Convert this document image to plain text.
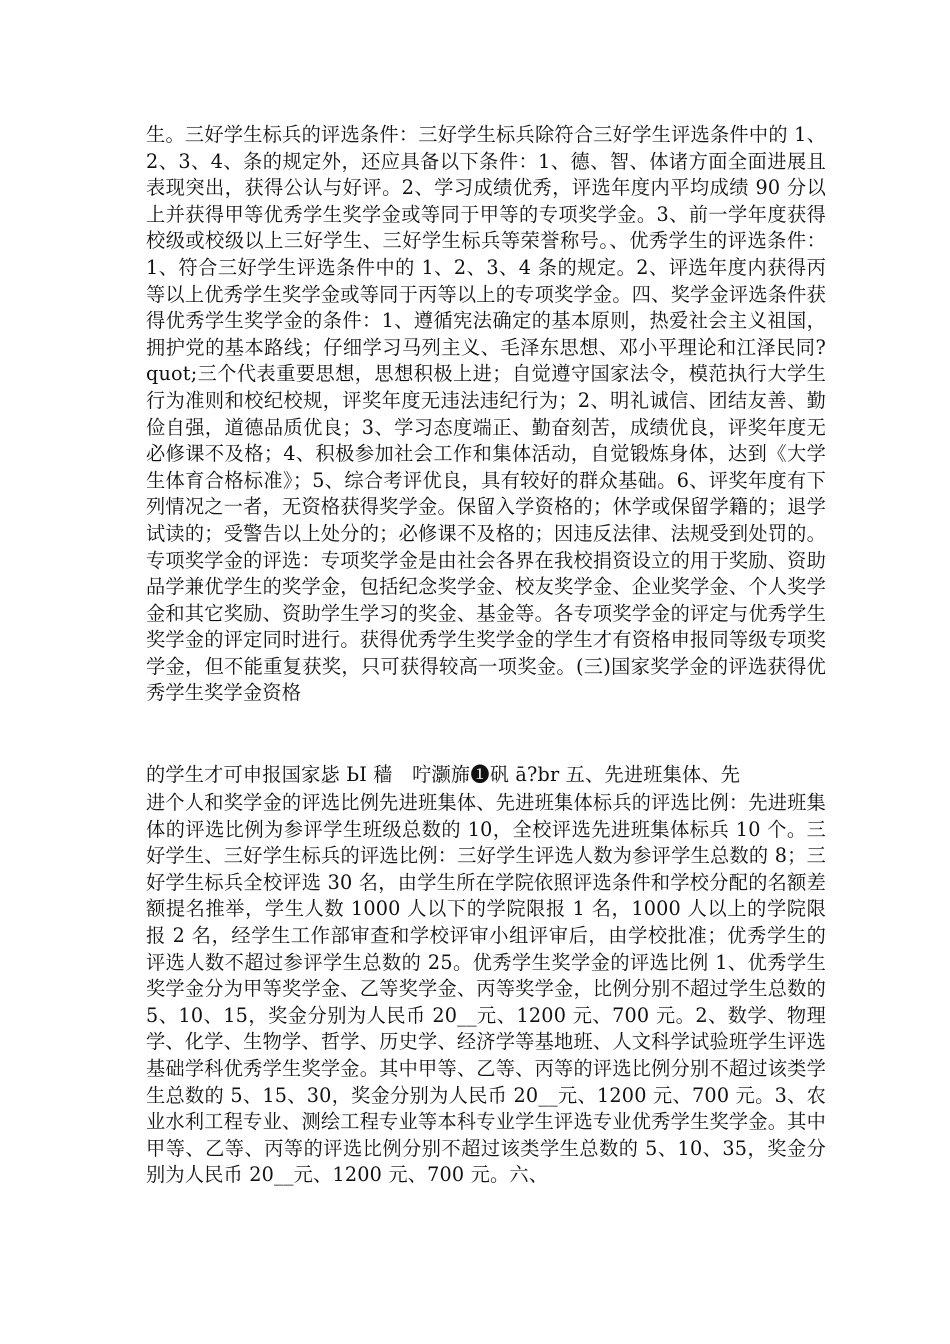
生。三好学生标兵的评选条件：三好学生标兵除符合三好学生评选条件中的 1、2、3、4、条的规定外，还应具备以下条件：1、德、智、体诸方面全面进展且表现突出，获得公认与好评。2、学习成绩优秀，评选年度内平均成绩 90 分以上并获得甲等优秀学生奖学金或等同于甲等的专项奖学金。3、前一学年度获得校级或校级以上三好学生、三好学生标兵等荣誉称号。、优秀学生的评选条件：1、符合三好学生评选条件中的 1、2、3、4 条的规定。2、评选年度内获得丙等以上优秀学生奖学金或等同于丙等以上的专项奖学金。四、奖学金评选条件获得优秀学生奖学金的条件：1、遵循宪法确定的基本原则，热爱社会主义祖国，拥护党的基本路线；仔细学习马列主义、毛泽东思想、邓小平理论和江泽民同?quot;三个代表重要思想，思想积极上进；自觉遵守国家法令，模范执行大学生行为准则和校纪校规，评奖年度无违法违纪行为；2、明礼诚信、团结友善、勤俭自强，道德品质优良；3、学习态度端正、勤奋刻苦，成绩优良，评奖年度无必修课不及格；4、积极参加社会工作和集体活动，自觉锻炼身体，达到《大学生体育合格标准》；5、综合考评优良，具有较好的群众基础。6、评奖年度有下列情况之一者，无资格获得奖学金。保留入学资格的；休学或保留学籍的；退学试读的；受警告以上处分的；必修课不及格的；因违反法律、法规受到处罚的。专项奖学金的评选：专项奖学金是由社会各界在我校捐资设立的用于奖励、资助品学兼优学生的奖学金，包括纪念奖学金、校友奖学金、企业奖学金、个人奖学金和其它奖励、资助学生学习的奖金、基金等。各专项奖学金的评定与优秀学生奖学金的评定同时进行。获得优秀学生奖学金的学生才有资格申报同等级专项奖学金，但不能重复获奖，只可获得较高一项奖金。(三)国家奖学金的评选获得优秀学生奖学金资格

的学生才可申报国家毖 ЬI 穑　咛灏旆➊矾 ā?br 五、先进班集体、先

进个人和奖学金的评选比例先进班集体、先进班集体标兵的评选比例：先进班集体的评选比例为参评学生班级总数的 10，全校评选先进班集体标兵 10 个。三好学生、三好学生标兵的评选比例：三好学生评选人数为参评学生总数的 8；三好学生标兵全校评选 30 名，由学生所在学院依照评选条件和学校分配的名额差额提名推举，学生人数 1000 人以下的学院限报 1 名，1000 人以上的学院限报 2 名，经学生工作部审查和学校评审小组评审后，由学校批准；优秀学生的评选人数不超过参评学生总数的 25。优秀学生奖学金的评选比例 1、优秀学生奖学金分为甲等奖学金、乙等奖学金、丙等奖学金，比例分别不超过学生总数的 5、10、15，奖金分别为人民币 20__元、1200 元、700 元。2、数学、物理学、化学、生物学、哲学、历史学、经济学等基地班、人文科学试验班学生评选基础学科优秀学生奖学金。其中甲等、乙等、丙等的评选比例分别不超过该类学生总数的 5、15、30，奖金分别为人民币 20__元、1200 元、700 元。3、农业水利工程专业、测绘工程专业等本科专业学生评选专业优秀学生奖学金。其中甲等、乙等、丙等的评选比例分别不超过该类学生总数的 5、10、35，奖金分别为人民币 20__元、1200 元、700 元。六、
